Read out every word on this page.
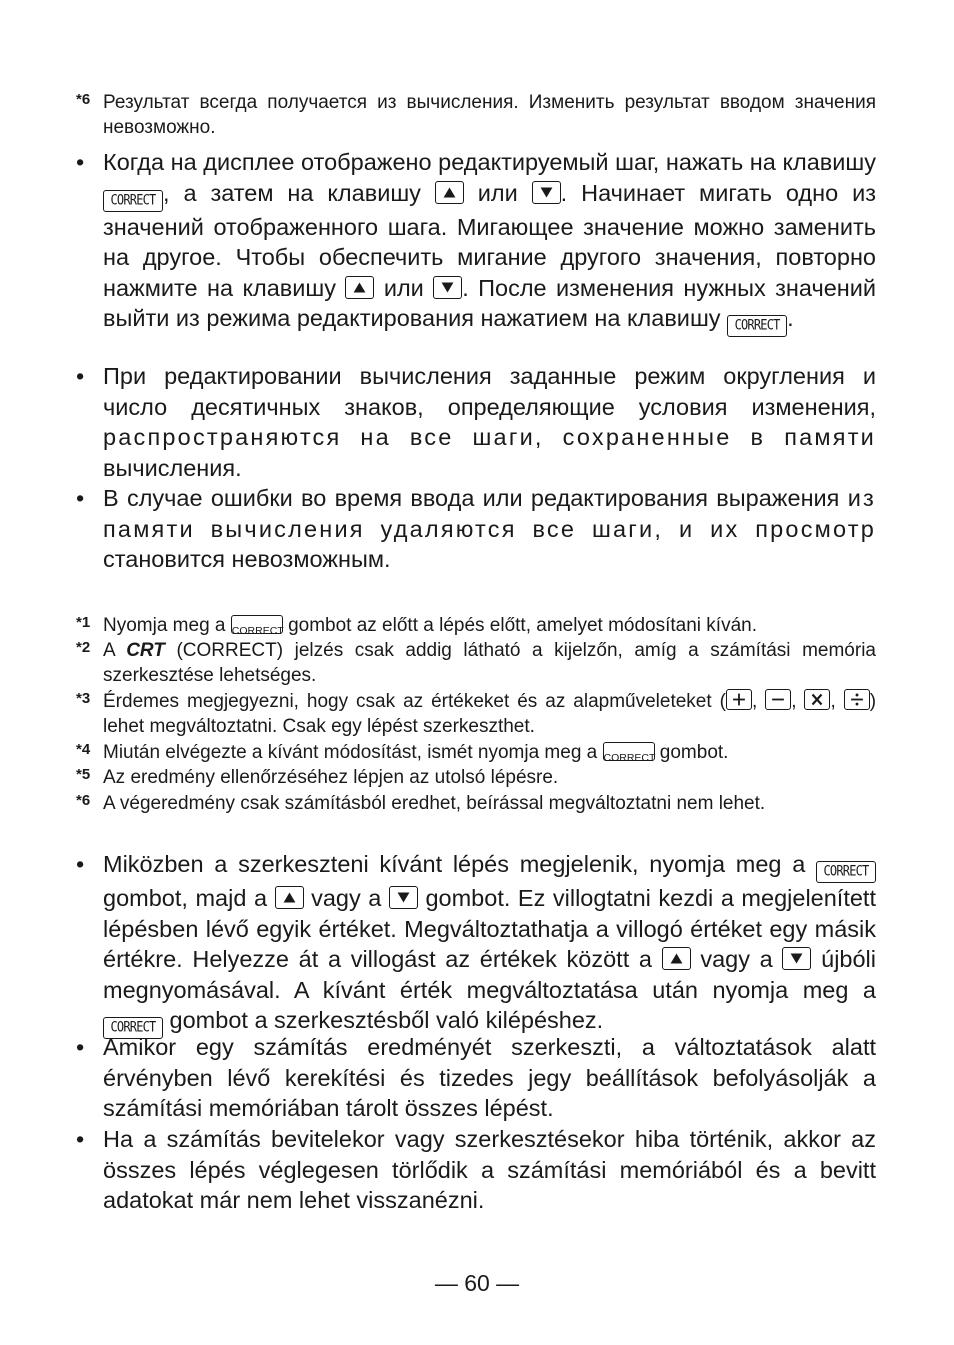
*6 Результат всегда получается из вычисления. Изменить результат вводом значения невозможно.
• Когда на дисплее отображено редактируемый шаг, нажать на клавишу
CORRECT , а затем на клавишу или . Начинает мигать одно из значений отображенного шага. Мигающее значение можно заменить на другое. Чтобы обеспечить мигание другого значения, повторно нажмите на клавишу или . После изменения нужных значений выйти из режима редактирования нажатием на клавишу	CORRECT .
• При редактировании вычисления заданные режим округления и число десятичных знаков, определяющие условия изменения, распространяются на все шаги, сохраненные в памяти вычисления.
• В случае ошибки во время ввода или редактирования выражения из памяти вычисления удаляются все шаги, и их просмотр становится невозможным.
*1 Nyomja meg a CORRECT gombot az előtt a lépés előtt, amelyet módosítani kíván.
*2 A CRT (CORRECT) jelzés csak addig látható a kijelzőn, amíg a számítási memória szerkesztése lehetséges.
*3 Érdemes megjegyezni, hogy csak az értékeket és az alapműveleteket ( , , , ) lehet megváltoztatni. Csak egy lépést szerkeszthet.
*4 Miután elvégezte a kívánt módosítást, ismét nyomja meg a CORRECT gombot.
*5 Az eredmény ellenőrzéséhez lépjen az utolsó lépésre.
*6 A végeredmény csak számításból eredhet, beírással megváltoztatni nem lehet.
• Miközben a szerkeszteni kívánt lépés megjelenik, nyomja meg a	CORRECT
gombot, majd a vagy a gombot. Ez villogtatni kezdi a megjelenített lépésben lévő egyik értéket. Megváltoztathatja a villogó értéket egy másik értékre. Helyezze át a villogást az értékek között a vagy a újbóli megnyomásával. A kívánt érték megváltoztatása után nyomja meg a
CORRECT gombot a szerkesztésből való kilépéshez.
• Amikor egy számítás eredményét szerkeszti, a változtatások alatt érvényben lévő kerekítési és tizedes jegy beállítások befolyásolják a számítási memóriában tárolt összes lépést.
• Ha a számítás bevitelekor vagy szerkesztésekor hiba történik, akkor az összes lépés véglegesen törlődik a számítási memóriából és a bevitt adatokat már nem lehet visszanézni.
— 60 —
